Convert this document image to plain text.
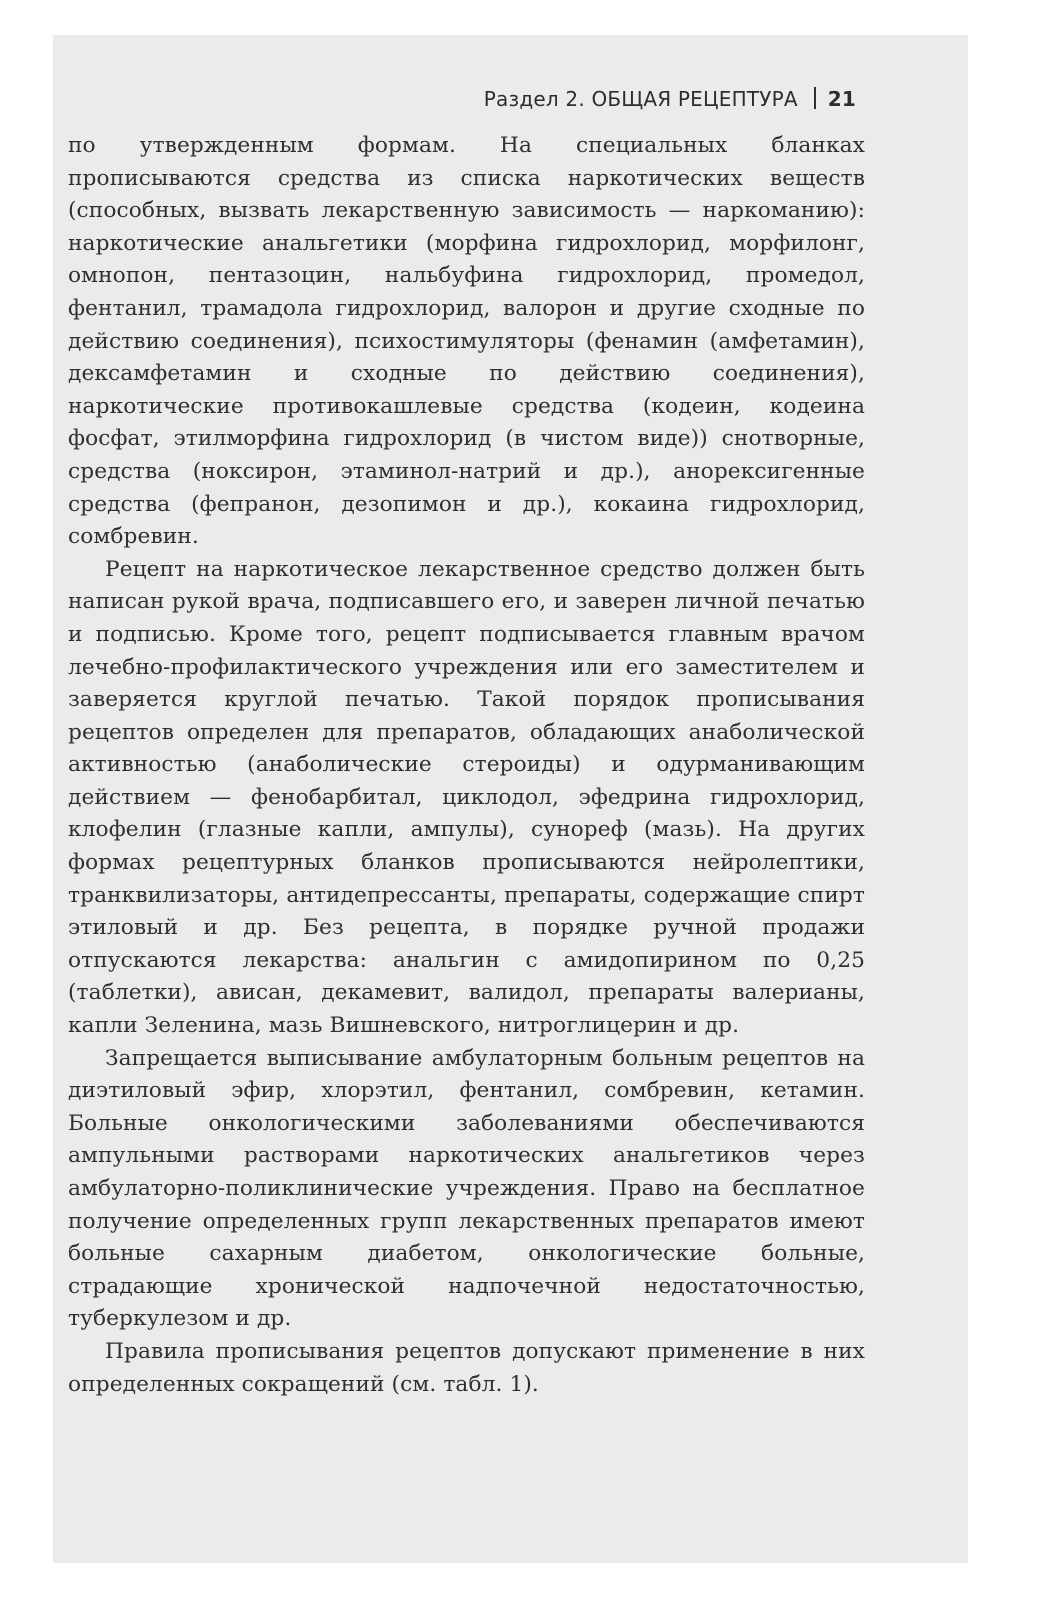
Раздел 2. ОБЩАЯ РЕЦЕПТУРА 21

по утвержденным формам. На специальных бланках прописываются средства из списка наркотических веществ (способных, вызвать лекарственную зависимость — наркоманию): наркотические анальгетики (морфина гидрохлорид, морфилонг, омнопон, пентазоцин, нальбуфина гидрохлорид, промедол, фентанил, трамадола гидрохлорид, валорон и другие сходные по действию соединения), психостимуляторы (фенамин (амфетамин), дексамфетамин и сходные по действию соединения), наркотические противокашлевые средства (кодеин, кодеина фосфат, этилморфина гидрохлорид (в чистом виде)) снотворные, средства (ноксирон, этаминол-натрий и др.), анорексигенные средства (фепранон, дезопимон и др.), кокаина гидрохлорид, сомбревин.

Рецепт на наркотическое лекарственное средство должен быть написан рукой врача, подписавшего его, и заверен личной печатью и подписью. Кроме того, рецепт подписывается главным врачом лечебно-профилактического учреждения или его заместителем и заверяется круглой печатью. Такой порядок прописывания рецептов определен для препаратов, обладающих анаболической активностью (анаболические стероиды) и одурманивающим действием — фенобарбитал, циклодол, эфедрина гидрохлорид, клофелин (глазные капли, ампулы), сунореф (мазь). На других формах рецептурных бланков прописываются нейролептики, транквилизаторы, антидепрессанты, препараты, содержащие спирт этиловый и др. Без рецепта, в порядке ручной продажи отпускаются лекарства: анальгин с амидопирином по 0,25 (таблетки), ависан, декамевит, валидол, препараты валерианы, капли Зеленина, мазь Вишневского, нитроглицерин и др.

Запрещается выписывание амбулаторным больным рецептов на диэтиловый эфир, хлорэтил, фентанил, сомбревин, кетамин. Больные онкологическими заболеваниями обеспечиваются ампульными растворами наркотических анальгетиков через амбулаторно-поликлинические учреждения. Право на бесплатное получение определенных групп лекарственных препаратов имеют больные сахарным диабетом, онкологические больные, страдающие хронической надпочечной недостаточностью, туберкулезом и др.

Правила прописывания рецептов допускают применение в них определенных сокращений (см. табл. 1).
